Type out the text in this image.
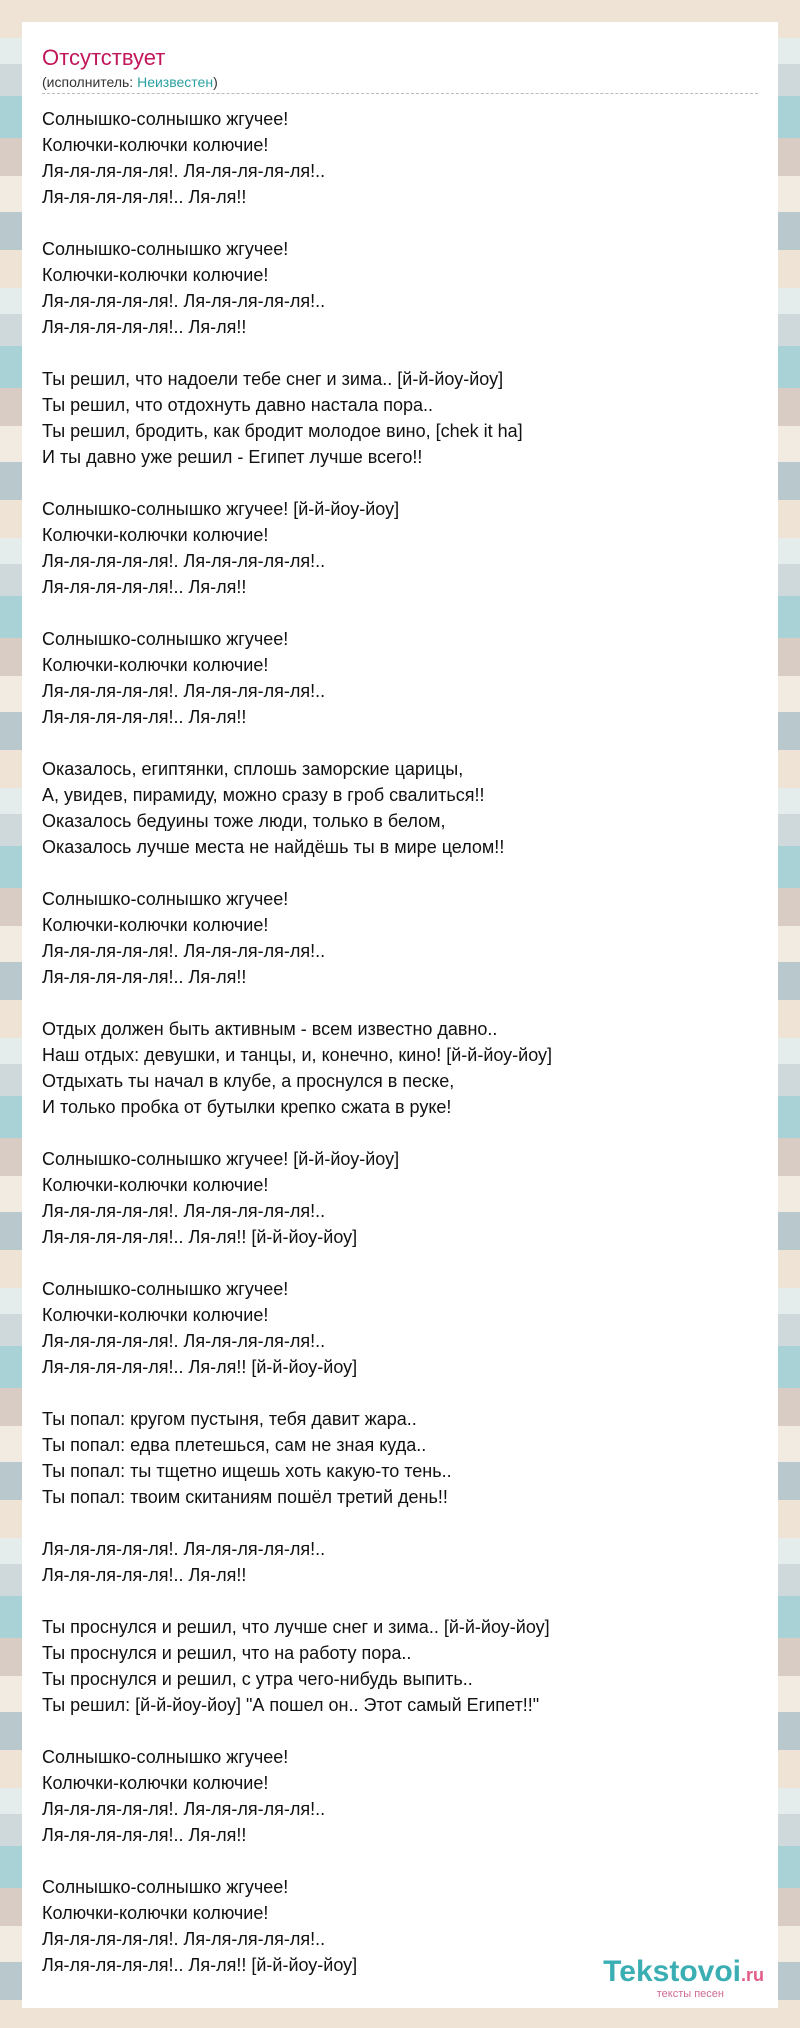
Отсутствует
(исполнитель: Неизвестен)
Солнышко-солнышко жгучее!
Колючки-колючки колючие!
Ля-ля-ля-ля-ля!. Ля-ля-ля-ля-ля!..
Ля-ля-ля-ля-ля!.. Ля-ля!!
Солнышко-солнышко жгучее!
Колючки-колючки колючие!
Ля-ля-ля-ля-ля!. Ля-ля-ля-ля-ля!..
Ля-ля-ля-ля-ля!.. Ля-ля!!
Ты решил, что надоели тебе снег и зима.. [й-й-йоу-йоу]
Ты решил, что отдохнуть давно настала пора..
Ты решил, бродить, как бродит молодое вино, [chek it ha]
И ты давно уже решил - Египет лучше всего!!
Солнышко-солнышко жгучее! [й-й-йоу-йоу]
Колючки-колючки колючие!
Ля-ля-ля-ля-ля!. Ля-ля-ля-ля-ля!..
Ля-ля-ля-ля-ля!.. Ля-ля!!
Солнышко-солнышко жгучее!
Колючки-колючки колючие!
Ля-ля-ля-ля-ля!. Ля-ля-ля-ля-ля!..
Ля-ля-ля-ля-ля!.. Ля-ля!!
Оказалось, египтянки, сплошь заморские царицы,
А, увидев, пирамиду, можно сразу в гроб свалиться!!
Оказалось бедуины тоже люди, только в белом,
Оказалось лучше места не найдёшь ты в мире целом!!
Солнышко-солнышко жгучее!
Колючки-колючки колючие!
Ля-ля-ля-ля-ля!. Ля-ля-ля-ля-ля!..
Ля-ля-ля-ля-ля!.. Ля-ля!!
Отдых должен быть активным - всем известно давно..
Наш отдых: девушки, и танцы, и, конечно, кино! [й-й-йоу-йоу]
Отдыхать ты начал в клубе, а проснулся в песке,
И только пробка от бутылки крепко сжата в руке!
Солнышко-солнышко жгучее! [й-й-йоу-йоу]
Колючки-колючки колючие!
Ля-ля-ля-ля-ля!. Ля-ля-ля-ля-ля!..
Ля-ля-ля-ля-ля!.. Ля-ля!! [й-й-йоу-йоу]
Солнышко-солнышко жгучее!
Колючки-колючки колючие!
Ля-ля-ля-ля-ля!. Ля-ля-ля-ля-ля!..
Ля-ля-ля-ля-ля!.. Ля-ля!! [й-й-йоу-йоу]
Ты попал: кругом пустыня, тебя давит жара..
Ты попал: едва плетешься, сам не зная куда..
Ты попал: ты тщетно ищешь хоть какую-то тень..
Ты попал: твоим скитаниям пошёл третий день!!
Ля-ля-ля-ля-ля!. Ля-ля-ля-ля-ля!..
Ля-ля-ля-ля-ля!.. Ля-ля!!
Ты проснулся и решил, что лучше снег и зима.. [й-й-йоу-йоу]
Ты проснулся и решил, что на работу пора..
Ты проснулся и решил, с утра чего-нибудь выпить..
Ты решил: [й-й-йоу-йоу] "А пошел он.. Этот самый Египет!!"
Солнышко-солнышко жгучее!
Колючки-колючки колючие!
Ля-ля-ля-ля-ля!. Ля-ля-ля-ля-ля!..
Ля-ля-ля-ля-ля!.. Ля-ля!!
Солнышко-солнышко жгучее!
Колючки-колючки колючие!
Ля-ля-ля-ля-ля!. Ля-ля-ля-ля-ля!..
Ля-ля-ля-ля-ля!.. Ля-ля!! [й-й-йоу-йоу]	Tekstovoi.ru
тексты песен
